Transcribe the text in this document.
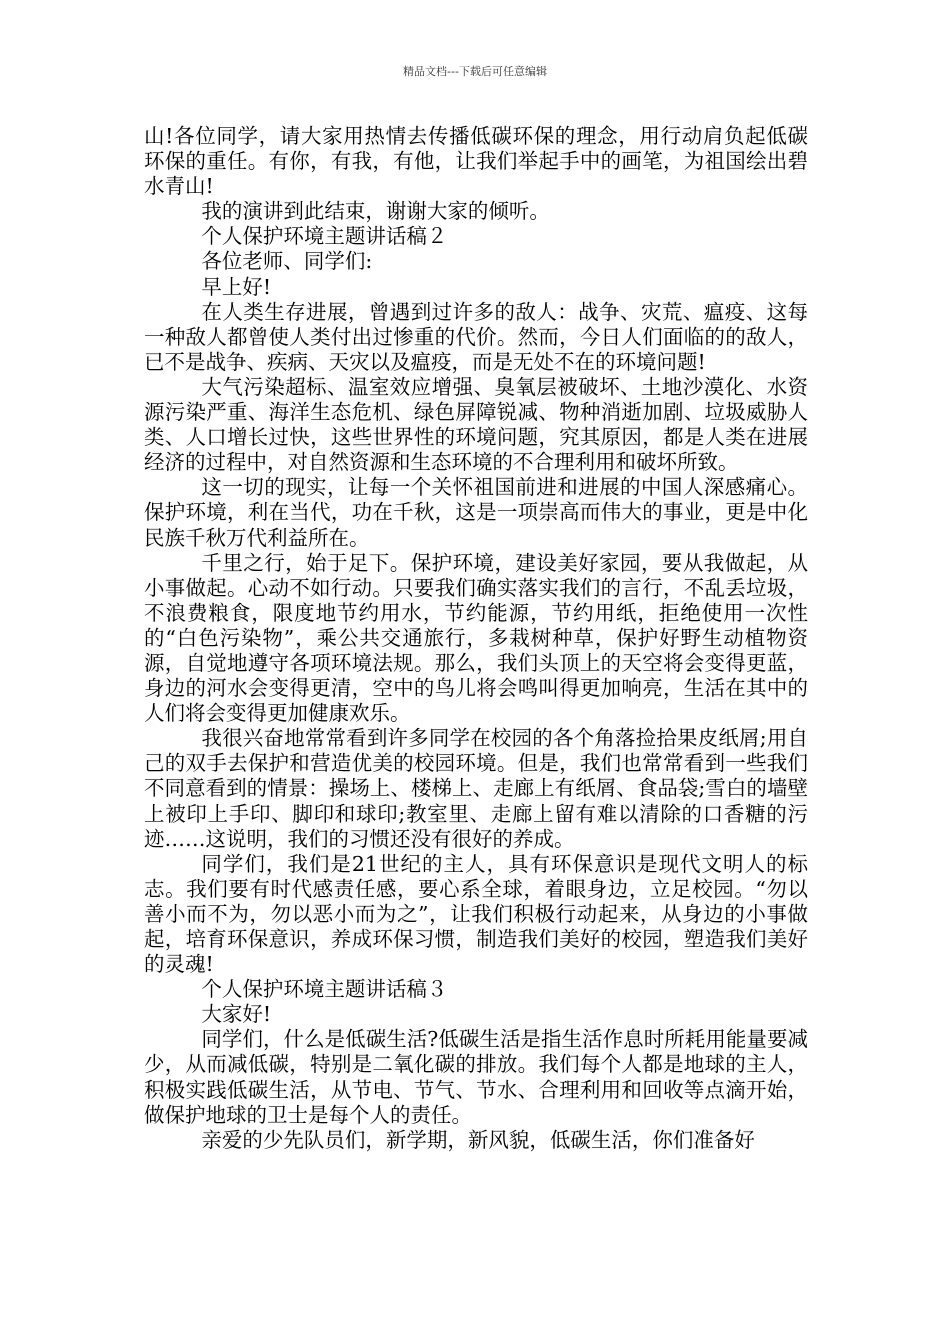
精品文档---下载后可任意编辑

山!各位同学，请大家用热情去传播低碳环保的理念，用行动肩负起低碳环保的重任。有你，有我，有他，让我们举起手中的画笔，为祖国绘出碧水青山!

我的演讲到此结束，谢谢大家的倾听。

个人保护环境主题讲话稿２

各位老师、同学们:

早上好!

在人类生存进展，曾遇到过许多的敌人：战争、灾荒、瘟疫、这每一种敌人都曾使人类付出过惨重的代价。然而，今日人们面临的的敌人，已不是战争、疾病、天灾以及瘟疫，而是无处不在的环境问题!

大气污染超标、温室效应增强、臭氧层被破坏、土地沙漠化、水资源污染严重、海洋生态危机、绿色屏障锐减、物种消逝加剧、垃圾威胁人类、人口增长过快，这些世界性的环境问题，究其原因，都是人类在进展经济的过程中，对自然资源和生态环境的不合理利用和破坏所致。

这一切的现实，让每一个关怀祖国前进和进展的中国人深感痛心。保护环境，利在当代，功在千秋，这是一项崇高而伟大的事业，更是中化民族千秋万代利益所在。

千里之行，始于足下。保护环境，建设美好家园，要从我做起，从小事做起。心动不如行动。只要我们确实落实我们的言行，不乱丢垃圾，不浪费粮食，限度地节约用水，节约能源，节约用纸，拒绝使用一次性的“白色污染物”，乘公共交通旅行，多栽树种草，保护好野生动植物资源，自觉地遵守各项环境法规。那么，我们头顶上的天空将会变得更蓝，身边的河水会变得更清，空中的鸟儿将会鸣叫得更加响亮，生活在其中的人们将会变得更加健康欢乐。

我很兴奋地常常看到许多同学在校园的各个角落捡拾果皮纸屑;用自己的双手去保护和营造优美的校园环境。但是，我们也常常看到一些我们不同意看到的情景：操场上、楼梯上、走廊上有纸屑、食品袋;雪白的墙壁上被印上手印、脚印和球印;教室里、走廊上留有难以清除的口香糖的污迹……这说明，我们的习惯还没有很好的养成。

同学们，我们是21世纪的主人，具有环保意识是现代文明人的标志。我们要有时代感责任感，要心系全球，着眼身边，立足校园。“勿以善小而不为，勿以恶小而为之”，让我们积极行动起来，从身边的小事做起，培育环保意识，养成环保习惯，制造我们美好的校园，塑造我们美好的灵魂!

个人保护环境主题讲话稿３

大家好!

同学们，什么是低碳生活?低碳生活是指生活作息时所耗用能量要减少，从而减低碳，特别是二氧化碳的排放。我们每个人都是地球的主人，积极实践低碳生活，从节电、节气、节水、合理利用和回收等点滴开始，做保护地球的卫士是每个人的责任。

亲爱的少先队员们，新学期，新风貌，低碳生活，你们准备好
